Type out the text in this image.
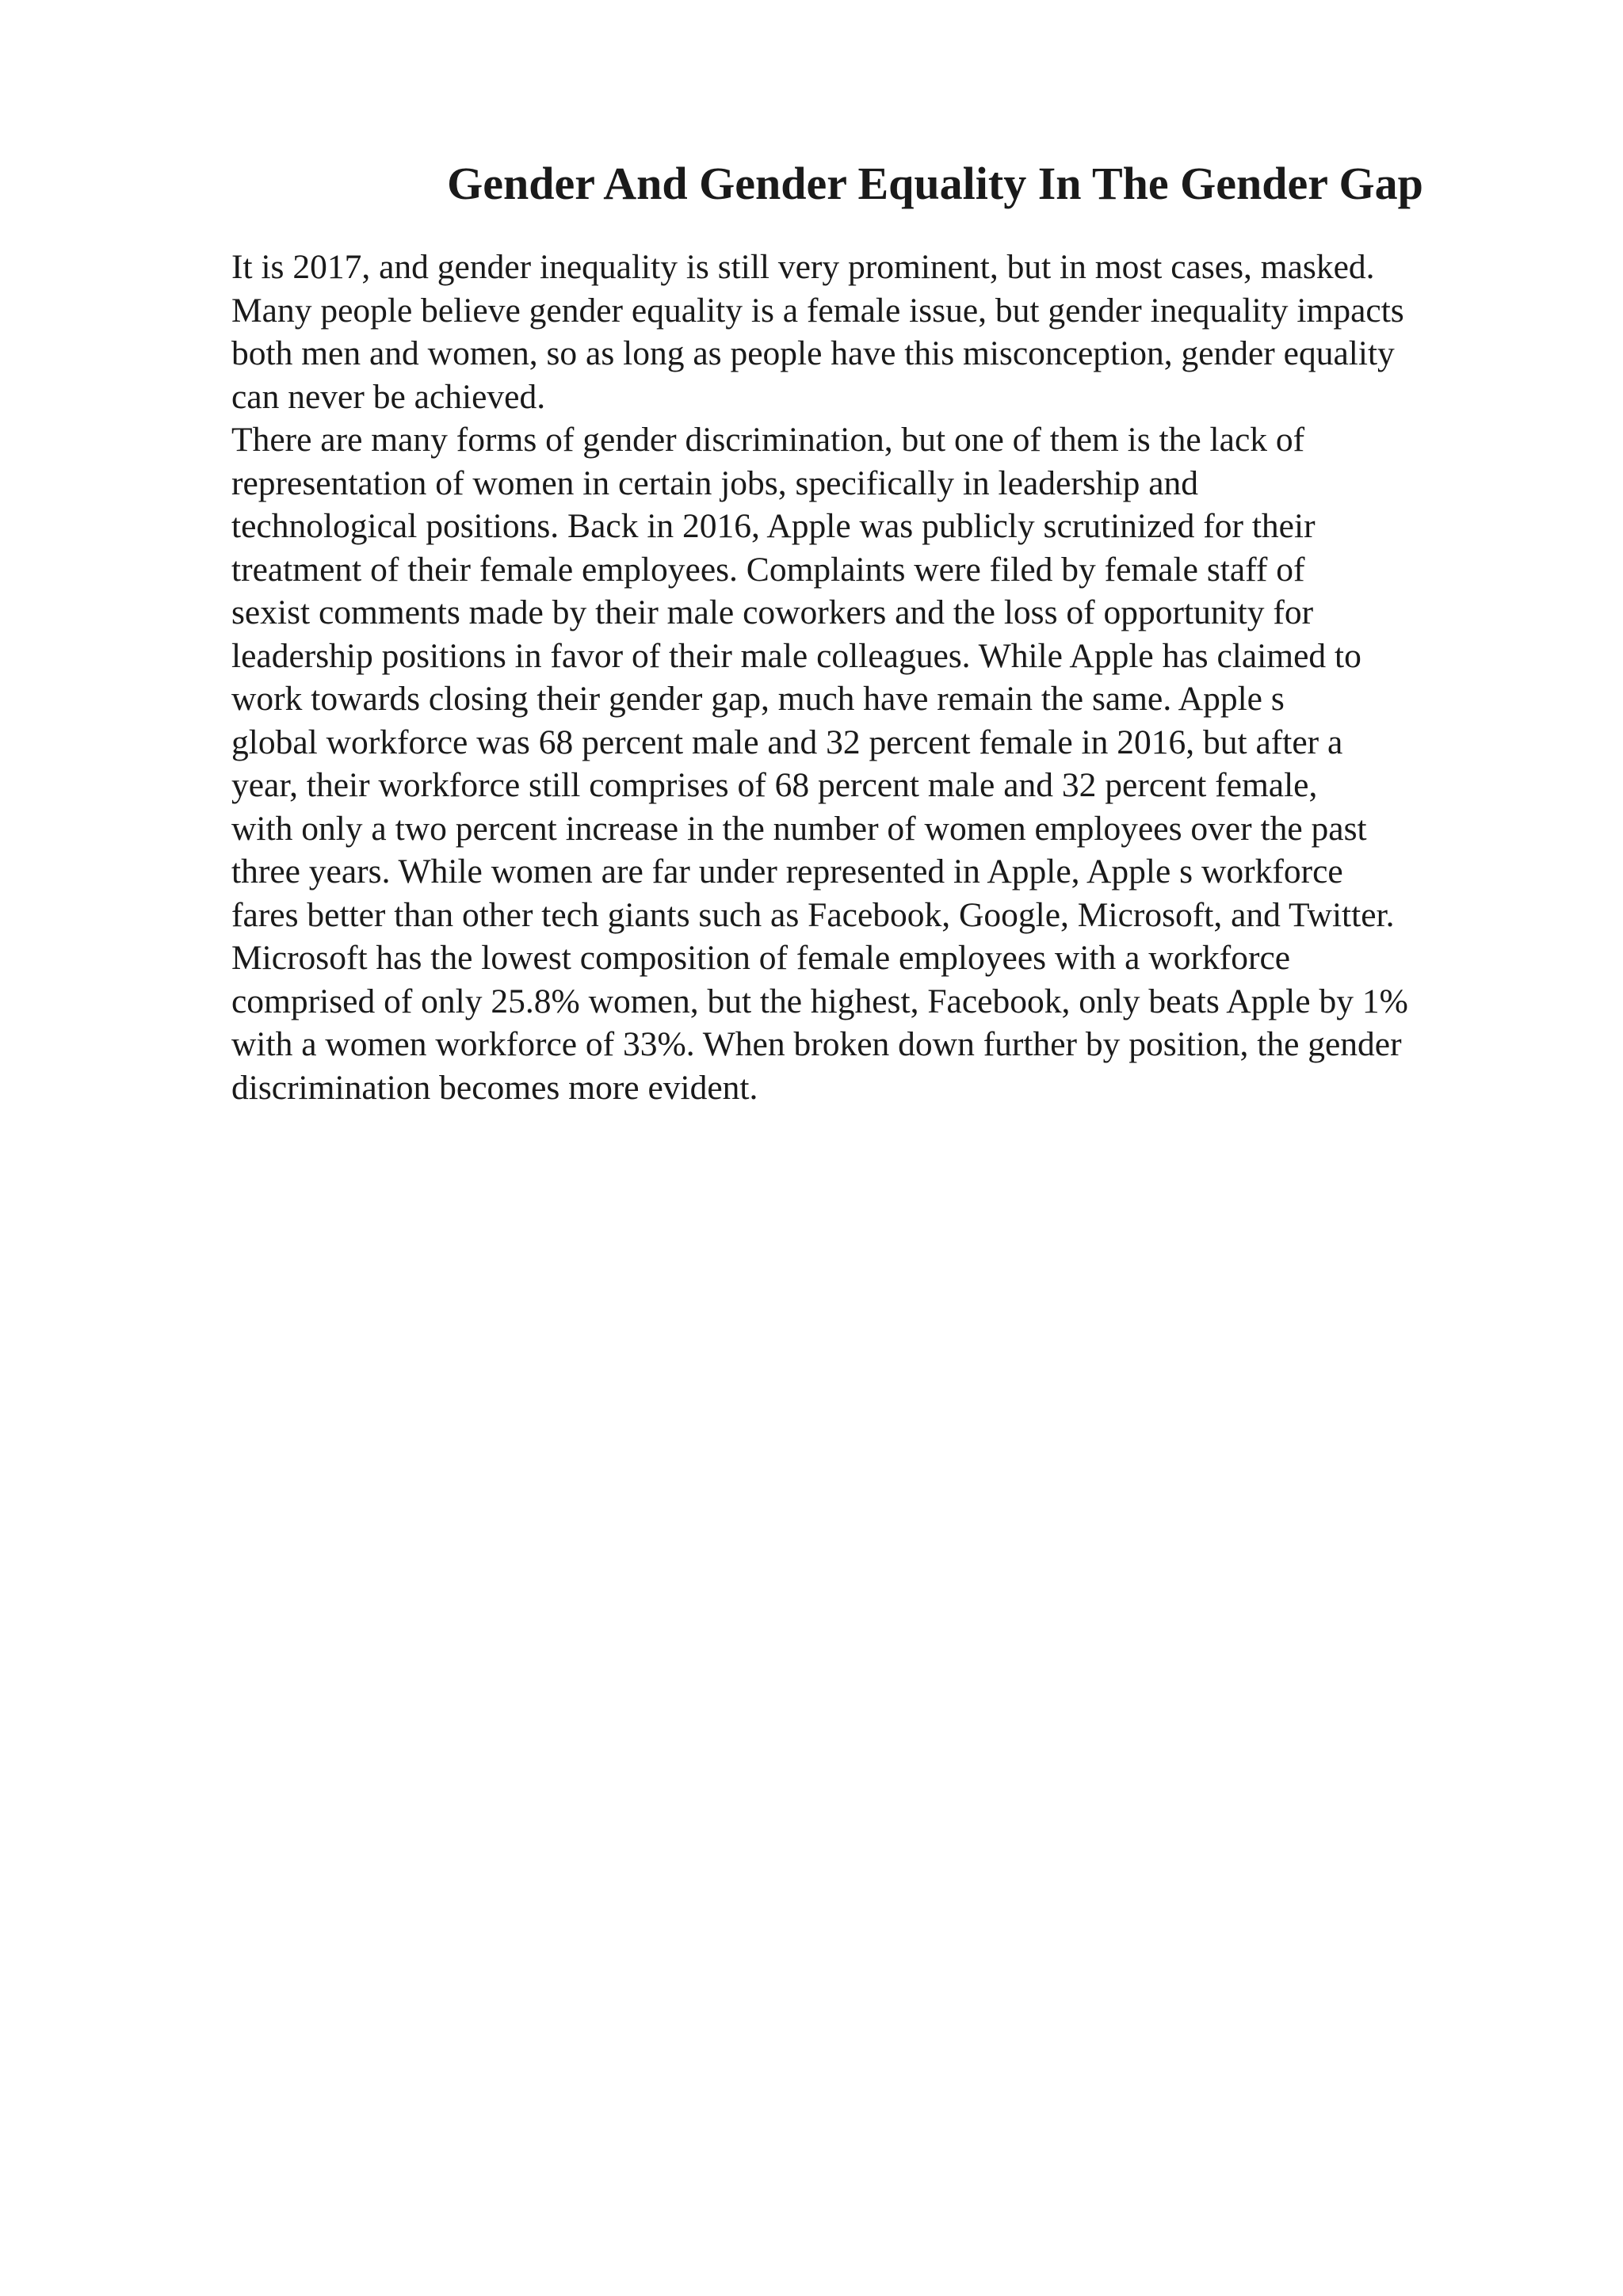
Gender And Gender Equality In The Gender Gap
It is 2017, and gender inequality is still very prominent, but in most cases, masked.
Many people believe gender equality is a female issue, but gender inequality impacts
both men and women, so as long as people have this misconception, gender equality
can never be achieved.
There are many forms of gender discrimination, but one of them is the lack of
representation of women in certain jobs, specifically in leadership and
technological positions. Back in 2016, Apple was publicly scrutinized for their
treatment of their female employees. Complaints were filed by female staff of
sexist comments made by their male coworkers and the loss of opportunity for
leadership positions in favor of their male colleagues. While Apple has claimed to
work towards closing their gender gap, much have remain the same. Apple s
global workforce was 68 percent male and 32 percent female in 2016, but after a
year, their workforce still comprises of 68 percent male and 32 percent female,
with only a two percent increase in the number of women employees over the past
three years. While women are far under represented in Apple, Apple s workforce
fares better than other tech giants such as Facebook, Google, Microsoft, and Twitter.
Microsoft has the lowest composition of female employees with a workforce
comprised of only 25.8% women, but the highest, Facebook, only beats Apple by 1%
with a women workforce of 33%. When broken down further by position, the gender
discrimination becomes more evident.
